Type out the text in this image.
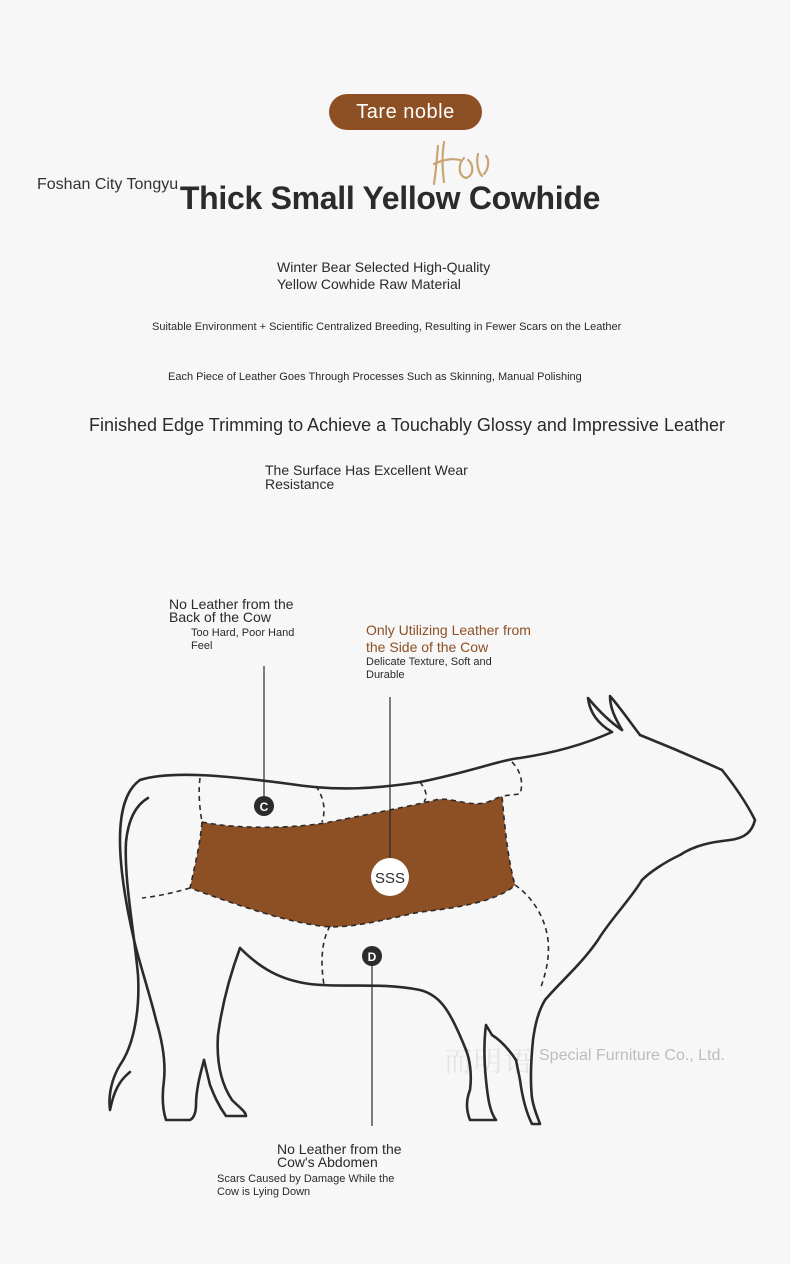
Tare noble
Foshan City Tongyu Thick Small Yellow Cowhide
Winter Bear Selected High-Quality
Yellow Cowhide Raw Material
Suitable Environment + Scientific Centralized Breeding, Resulting in Fewer Scars on the Leather
Each Piece of Leather Goes Through Processes Such as Skinning, Manual Polishing
Finished Edge Trimming to Achieve a Touchably Glossy and Impressive Leather
The Surface Has Excellent Wear
Resistance
No Leather from the
Back of the Cow
Too Hard, Poor Hand
Feel
Only Utilizing Leather from
the Side of the Cow
Delicate Texture, Soft and
Durable
No Leather from the
Cow's Abdomen
Scars Caused by Damage While the
Cow is Lying Down
而明语 Special Furniture Co., Ltd.
C
SSS
D
